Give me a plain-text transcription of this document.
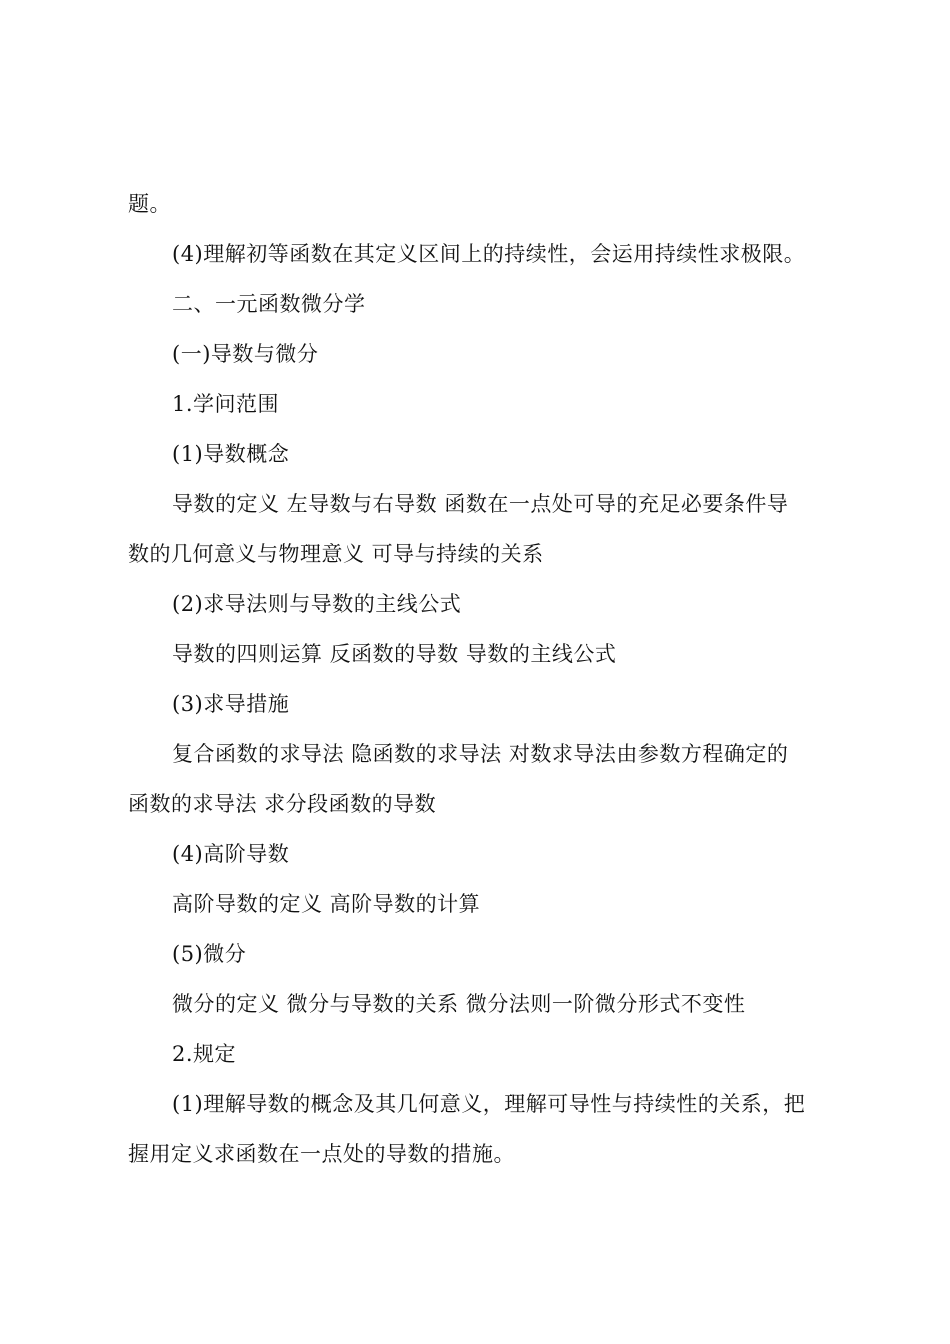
题。
(4)理解初等函数在其定义区间上的持续性，会运用持续性求极限。
二、一元函数微分学
(一)导数与微分
1.学问范围
(1)导数概念
导数的定义 左导数与右导数 函数在一点处可导的充足必要条件导
数的几何意义与物理意义 可导与持续的关系
(2)求导法则与导数的主线公式
导数的四则运算 反函数的导数 导数的主线公式
(3)求导措施
复合函数的求导法 隐函数的求导法 对数求导法由参数方程确定的
函数的求导法 求分段函数的导数
(4)高阶导数
高阶导数的定义 高阶导数的计算
(5)微分
微分的定义 微分与导数的关系 微分法则一阶微分形式不变性
2.规定
(1)理解导数的概念及其几何意义，理解可导性与持续性的关系，把
握用定义求函数在一点处的导数的措施。
